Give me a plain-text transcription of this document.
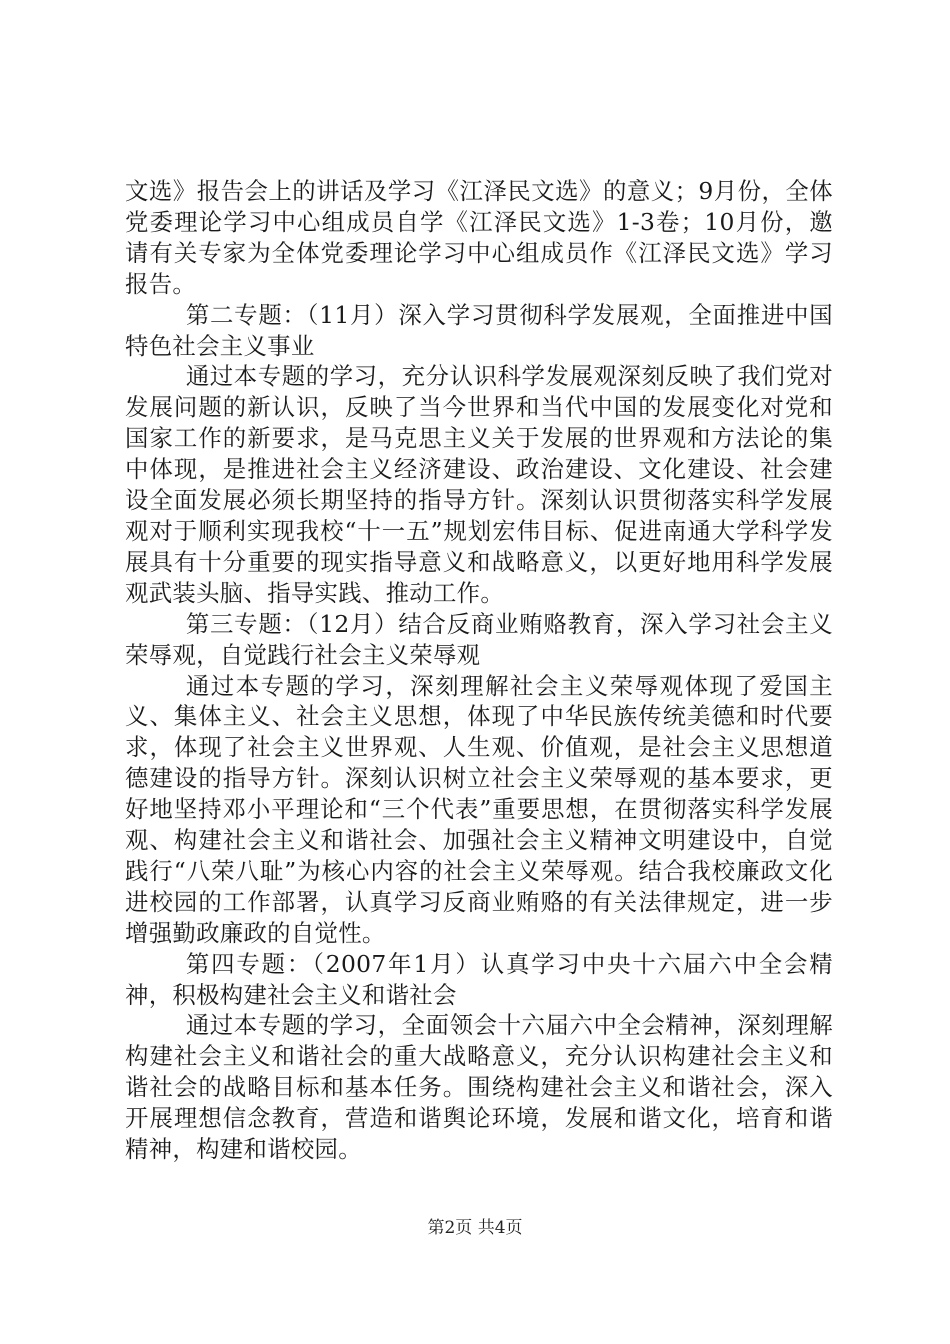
文选》报告会上的讲话及学习《江泽民文选》的意义；9月份，全体党委理论学习中心组成员自学《江泽民文选》1-3卷；10月份，邀请有关专家为全体党委理论学习中心组成员作《江泽民文选》学习报告。

第二专题：（11月）深入学习贯彻科学发展观，全面推进中国特色社会主义事业

通过本专题的学习，充分认识科学发展观深刻反映了我们党对发展问题的新认识，反映了当今世界和当代中国的发展变化对党和国家工作的新要求，是马克思主义关于发展的世界观和方法论的集中体现，是推进社会主义经济建设、政治建设、文化建设、社会建设全面发展必须长期坚持的指导方针。深刻认识贯彻落实科学发展观对于顺利实现我校“十一五”规划宏伟目标、促进南通大学科学发展具有十分重要的现实指导意义和战略意义，以更好地用科学发展观武装头脑、指导实践、推动工作。

第三专题：（12月）结合反商业贿赂教育，深入学习社会主义荣辱观，自觉践行社会主义荣辱观

通过本专题的学习，深刻理解社会主义荣辱观体现了爱国主义、集体主义、社会主义思想，体现了中华民族传统美德和时代要求，体现了社会主义世界观、人生观、价值观，是社会主义思想道德建设的指导方针。深刻认识树立社会主义荣辱观的基本要求，更好地坚持邓小平理论和“三个代表”重要思想，在贯彻落实科学发展观、构建社会主义和谐社会、加强社会主义精神文明建设中，自觉践行“八荣八耻”为核心内容的社会主义荣辱观。结合我校廉政文化进校园的工作部署，认真学习反商业贿赂的有关法律规定，进一步增强勤政廉政的自觉性。

第四专题：（2007年1月）认真学习中央十六届六中全会精神，积极构建社会主义和谐社会

通过本专题的学习，全面领会十六届六中全会精神，深刻理解构建社会主义和谐社会的重大战略意义，充分认识构建社会主义和谐社会的战略目标和基本任务。围绕构建社会主义和谐社会，深入开展理想信念教育，营造和谐舆论环境，发展和谐文化，培育和谐精神，构建和谐校园。

第2页 共4页
